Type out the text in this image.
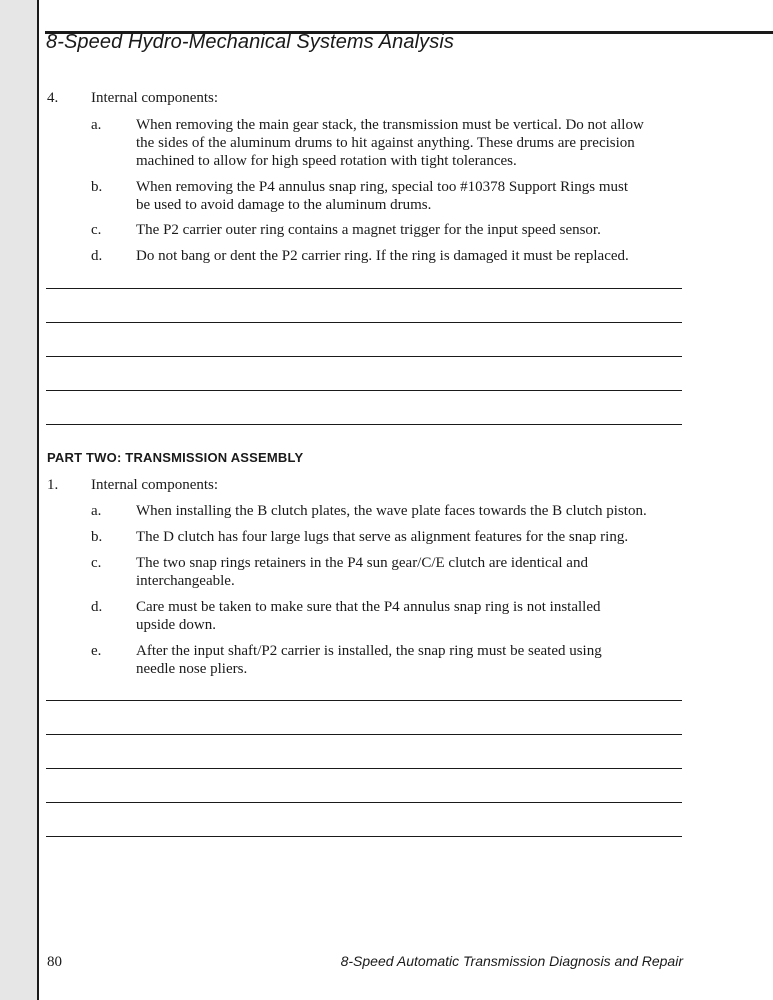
8-Speed Hydro-Mechanical Systems Analysis
4. Internal components:
a. When removing the main gear stack, the transmission must be vertical. Do not allow
the sides of the aluminum drums to hit against anything. These drums are precision
machined to allow for high speed rotation with tight tolerances.
b. When removing the P4 annulus snap ring, special too #10378 Support Rings must
be used to avoid damage to the aluminum drums.
c. The P2 carrier outer ring contains a magnet trigger for the input speed sensor.
d. Do not bang or dent the P2 carrier ring. If the ring is damaged it must be replaced.
PART TWO: TRANSMISSION ASSEMBLY
1. Internal components:
a. When installing the B clutch plates, the wave plate faces towards the B clutch piston.
b. The D clutch has four large lugs that serve as alignment features for the snap ring.
c. The two snap rings retainers in the P4 sun gear/C/E clutch are identical and
interchangeable.
d. Care must be taken to make sure that the P4 annulus snap ring is not installed
upside down.
e. After the input shaft/P2 carrier is installed, the snap ring must be seated using
needle nose pliers.
80	8-Speed Automatic Transmission Diagnosis and Repair
